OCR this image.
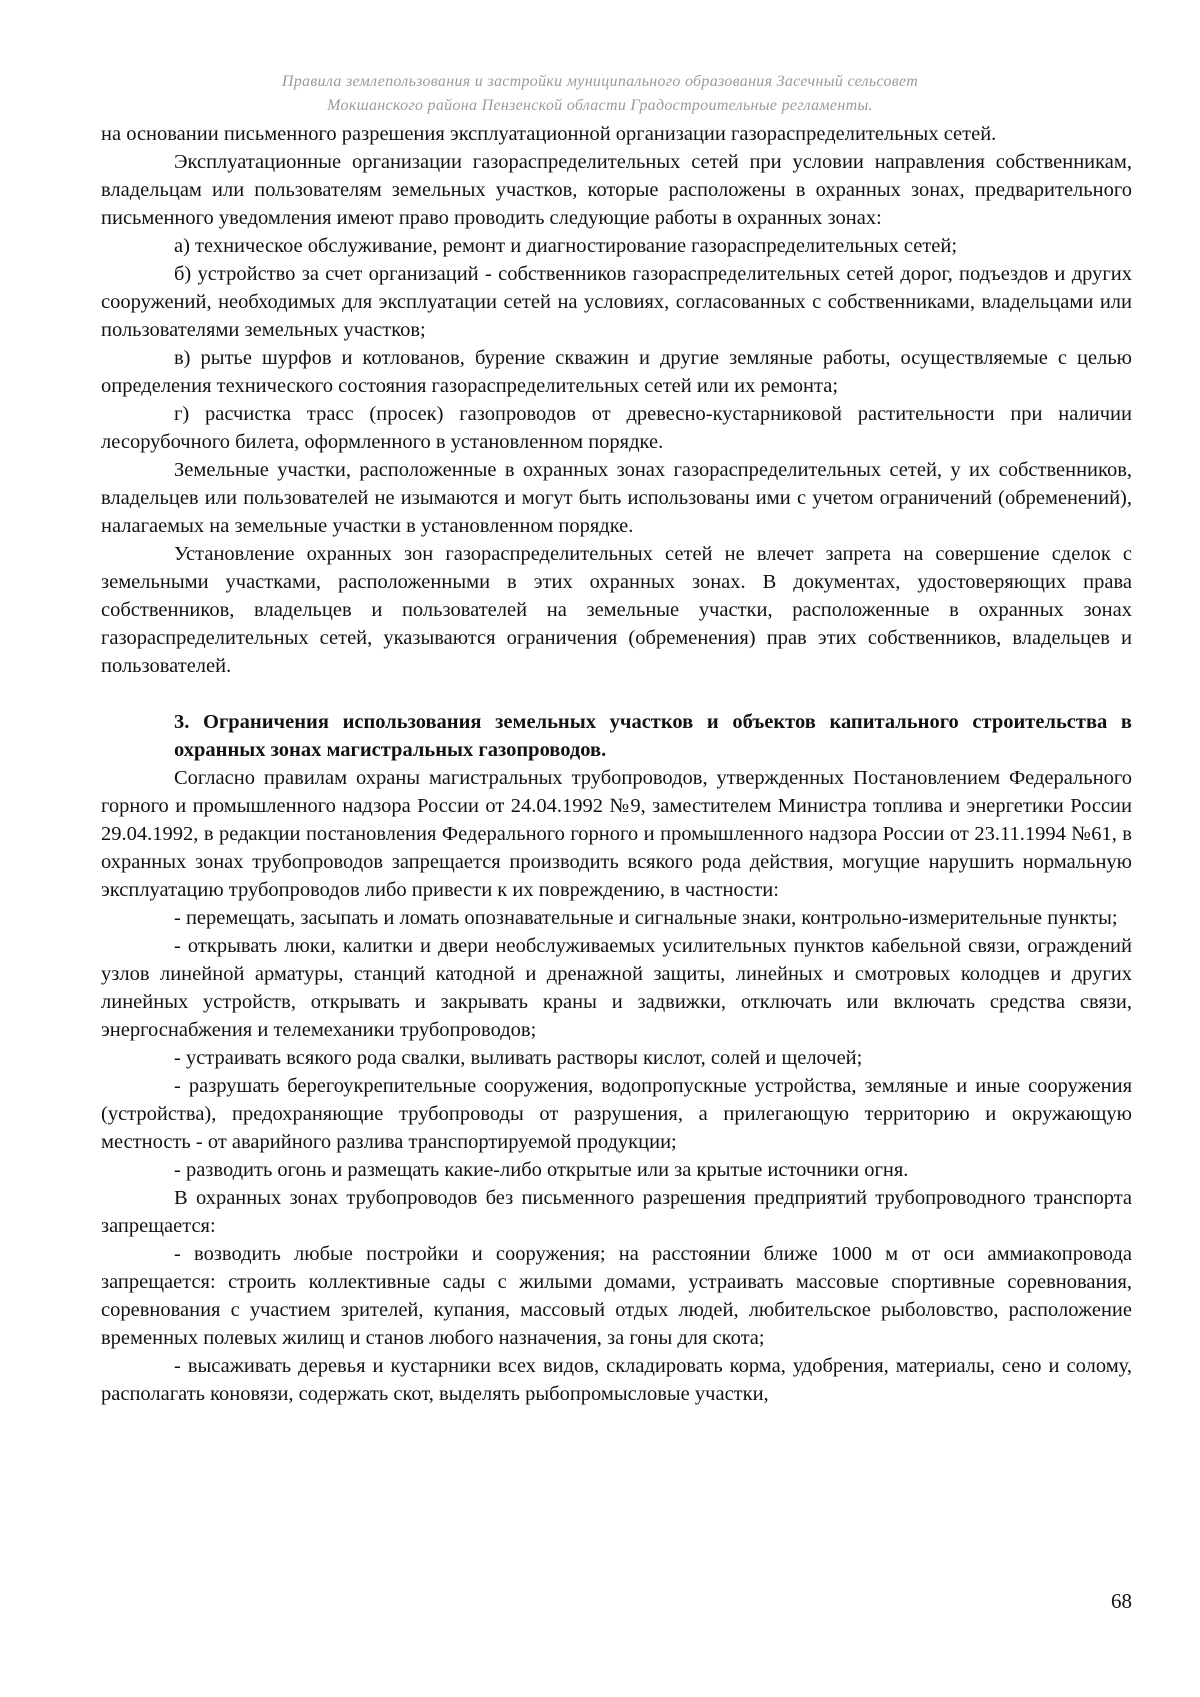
Правила землепользования и застройки муниципального образования Засечный сельсовет
Мокшанского района Пензенской области Градостроительные регламенты.

на основании письменного разрешения эксплуатационной организации газораспределительных сетей.

Эксплуатационные организации газораспределительных сетей при условии направления собственникам, владельцам или пользователям земельных участков, которые расположены в охранных зонах, предварительного письменного уведомления имеют право проводить следующие работы в охранных зонах:

а) техническое обслуживание, ремонт и диагностирование газораспределительных сетей;

б) устройство за счет организаций - собственников газораспределительных сетей дорог, подъездов и других сооружений, необходимых для эксплуатации сетей на условиях, согласованных с собственниками, владельцами или пользователями земельных участков;

в) рытье шурфов и котлованов, бурение скважин и другие земляные работы, осуществляемые с целью определения технического состояния газораспределительных сетей или их ремонта;

г) расчистка трасс (просек) газопроводов от древесно-кустарниковой растительности при наличии лесорубочного билета, оформленного в установленном порядке.

Земельные участки, расположенные в охранных зонах газораспределительных сетей, у их собственников, владельцев или пользователей не изымаются и могут быть использованы ими с учетом ограничений (обременений), налагаемых на земельные участки в установленном порядке.

Установление охранных зон газораспределительных сетей не влечет запрета на совершение сделок с земельными участками, расположенными в этих охранных зонах. В документах, удостоверяющих права собственников, владельцев и пользователей на земельные участки, расположенные в охранных зонах газораспределительных сетей, указываются ограничения (обременения) прав этих собственников, владельцев и пользователей.

3. Ограничения использования земельных участков и объектов капитального строительства в охранных зонах магистральных газопроводов.

Согласно правилам охраны магистральных трубопроводов, утвержденных Постановлением Федерального горного и промышленного надзора России от 24.04.1992 №9, заместителем Министра топлива и энергетики России 29.04.1992, в редакции постановления Федерального горного и промышленного надзора России от 23.11.1994 №61, в охранных зонах трубопроводов запрещается производить всякого рода действия, могущие нарушить нормальную эксплуатацию трубопроводов либо привести к их повреждению, в частности:

- перемещать, засыпать и ломать опознавательные и сигнальные знаки, контрольно-измерительные пункты;

- открывать люки, калитки и двери необслуживаемых усилительных пунктов кабельной связи, ограждений узлов линейной арматуры, станций катодной и дренажной защиты, линейных и смотровых колодцев и других линейных устройств, открывать и закрывать краны и задвижки, отключать или включать средства связи, энергоснабжения и телемеханики трубопроводов;

- устраивать всякого рода свалки, выливать растворы кислот, солей и щелочей;

- разрушать берегоукрепительные сооружения, водопропускные устройства, земляные и иные сооружения (устройства), предохраняющие трубопроводы от разрушения, а прилегающую территорию и окружающую местность - от аварийного разлива транспортируемой продукции;

- разводить огонь и размещать какие-либо открытые или за крытые источники огня.

В охранных зонах трубопроводов без письменного разрешения предприятий трубопроводного транспорта запрещается:

- возводить любые постройки и сооружения; на расстоянии ближе 1000 м от оси аммиакопровода запрещается: строить коллективные сады с жилыми домами, устраивать массовые спортивные соревнования, соревнования с участием зрителей, купания, массовый отдых людей, любительское рыболовство, расположение временных полевых жилищ и станов любого назначения, за гоны для скота;

- высаживать деревья и кустарники всех видов, складировать корма, удобрения, материалы, сено и солому, располагать коновязи, содержать скот, выделять рыбопромысловые участки,

68
